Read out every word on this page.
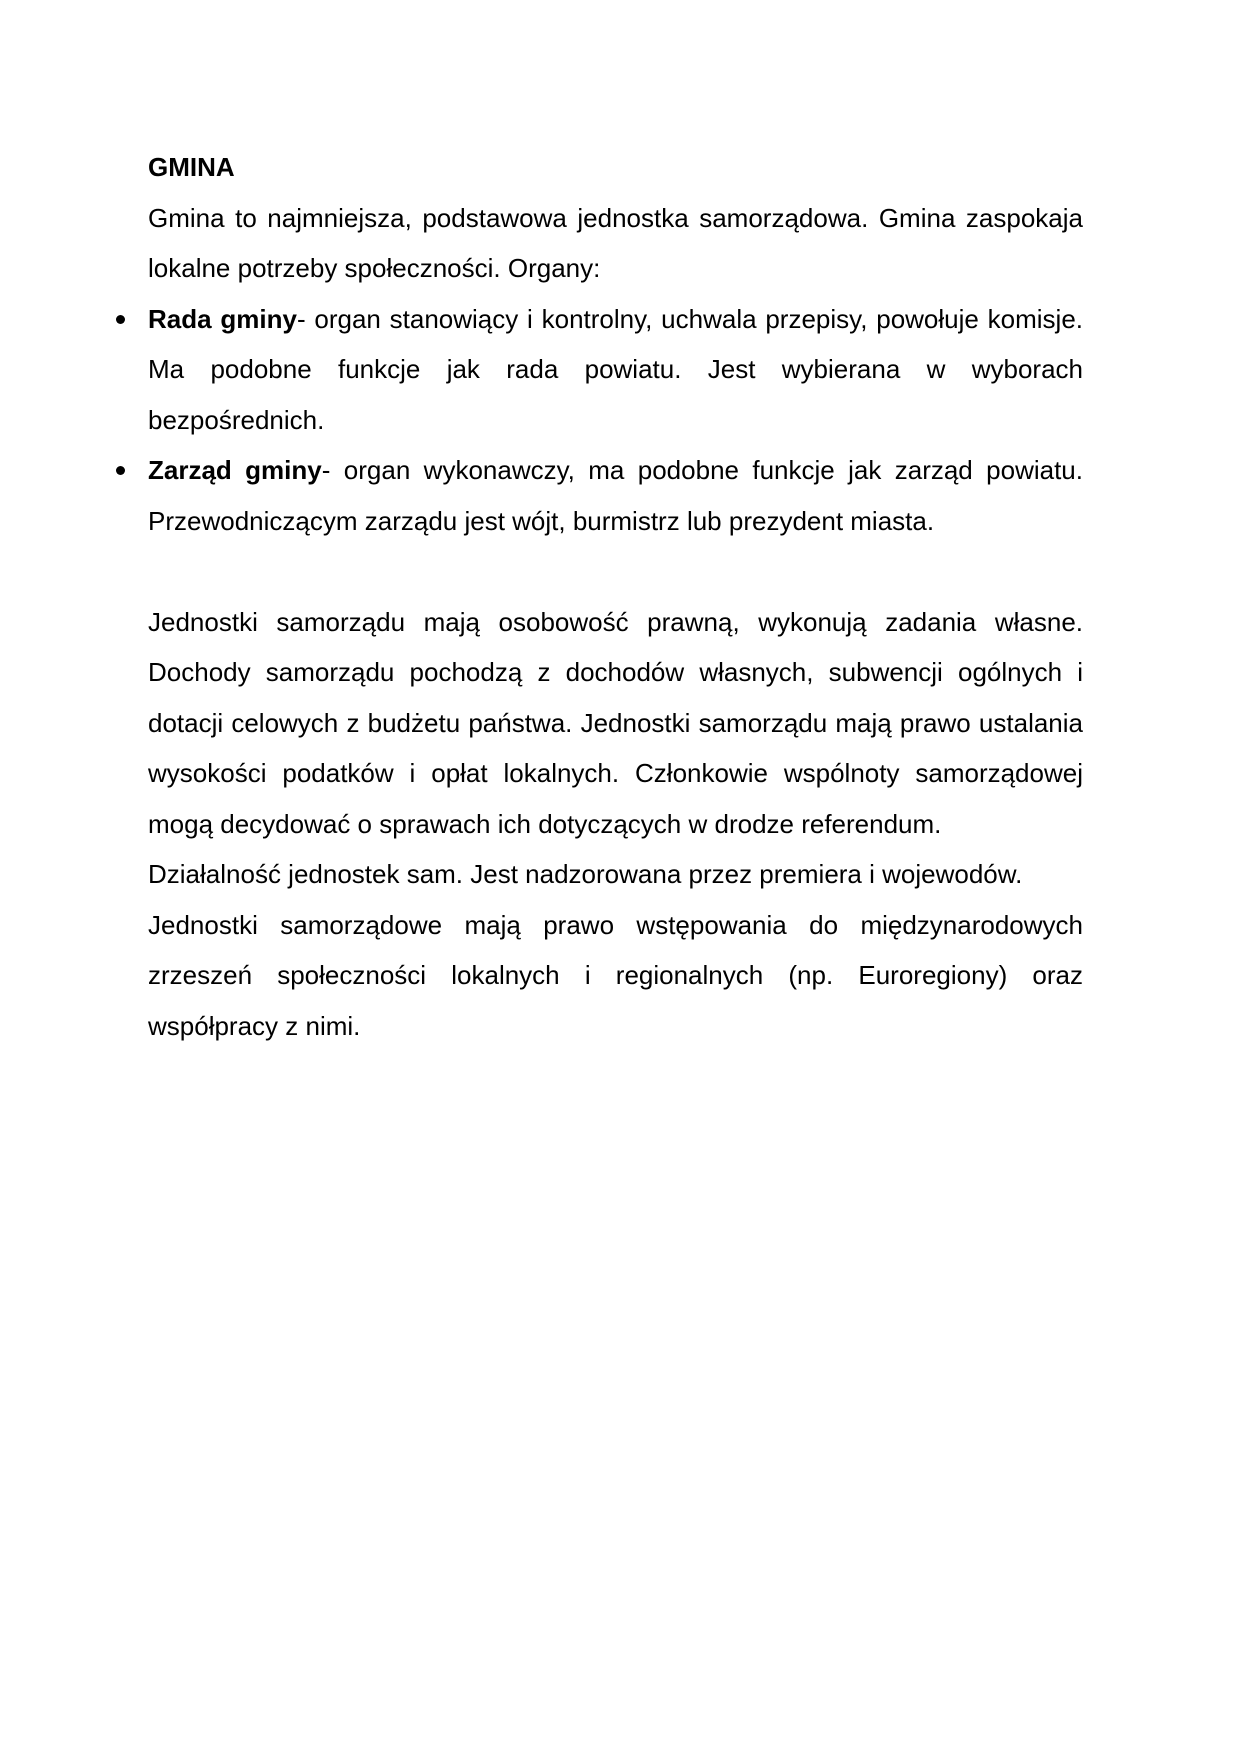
GMINA

Gmina to najmniejsza, podstawowa jednostka samorządowa. Gmina zaspokaja lokalne potrzeby społeczności. Organy:

Rada gminy- organ stanowiący i kontrolny, uchwala przepisy, powołuje komisje. Ma podobne funkcje jak rada powiatu. Jest wybierana w wyborach bezpośrednich.
Zarząd gminy- organ wykonawczy, ma podobne funkcje jak zarząd powiatu. Przewodniczącym zarządu jest wójt, burmistrz lub prezydent miasta.

Jednostki samorządu mają osobowość prawną, wykonują zadania własne. Dochody samorządu pochodzą z dochodów własnych, subwencji ogólnych i dotacji celowych z budżetu państwa. Jednostki samorządu mają prawo ustalania wysokości podatków i opłat lokalnych. Członkowie wspólnoty samorządowej mogą decydować o sprawach ich dotyczących w drodze referendum.

Działalność jednostek sam. Jest nadzorowana przez premiera i wojewodów.

Jednostki samorządowe mają prawo wstępowania do międzynarodowych zrzeszeń społeczności lokalnych i regionalnych (np. Euroregiony) oraz współpracy z nimi.
